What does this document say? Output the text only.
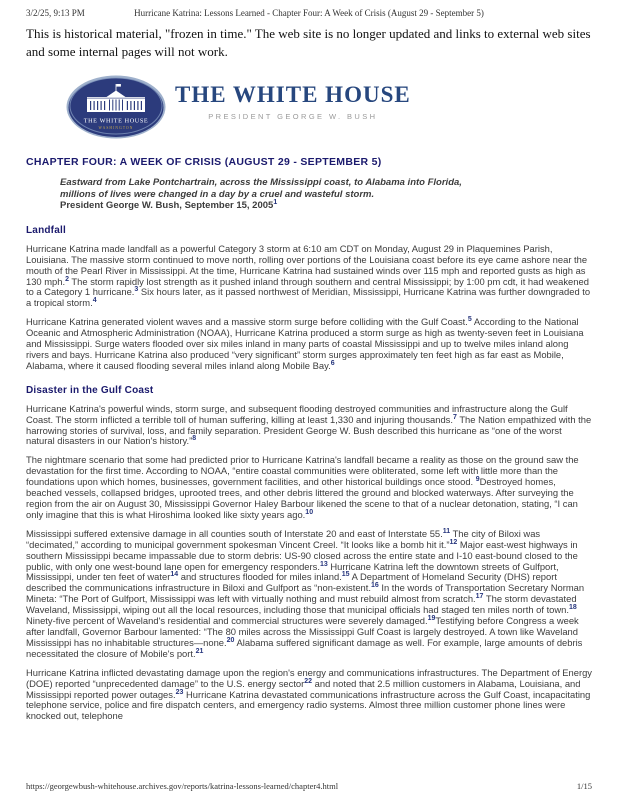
3/2/25, 9:13 PM	Hurricane Katrina: Lessons Learned - Chapter Four: A Week of Crisis (August 29 - September 5)
This is historical material, "frozen in time." The web site is no longer updated and links to external web sites and some internal pages will not work.
THE WHITE HOUSE
WASHINGTON
THE WHITE HOUSE
PRESIDENT GEORGE W. BUSH
CHAPTER FOUR: A WEEK OF CRISIS (AUGUST 29 - SEPTEMBER 5)
Eastward from Lake Pontchartrain, across the Mississippi coast, to Alabama into Florida,
millions of lives were changed in a day by a cruel and wasteful storm.
President George W. Bush, September 15, 2005$^1$
Landfall

Hurricane Katrina made landfall as a powerful Category 3 storm at 6:10 am CDT on Monday, August 29 in Plaquemines Parish, Louisiana. The massive storm continued to move north, rolling over portions of the Louisiana coast before its eye came ashore near the mouth of the Pearl River in Mississippi. At the time, Hurricane Katrina had sustained winds over 115 mph and reported gusts as high as 130 mph.$^2$ The storm rapidly lost strength as it pushed inland through southern and central Mississippi; by 1:00 pm cdt, it had weakened to a Category 1 hurricane.$^3$ Six hours later, as it passed northwest of Meridian, Mississippi, Hurricane Katrina was further downgraded to a tropical storm.$^4$

Hurricane Katrina generated violent waves and a massive storm surge before colliding with the Gulf Coast.$^5$ According to the National Oceanic and Atmospheric Administration (NOAA), Hurricane Katrina produced a storm surge as high as twenty-seven feet in Louisiana and Mississippi. Surge waters flooded over six miles inland in many parts of coastal Mississippi and up to twelve miles inland along rivers and bays. Hurricane Katrina also produced “very significant” storm surges approximately ten feet high as far east as Mobile, Alabama, where it caused flooding several miles inland along Mobile Bay.$^6$

Disaster in the Gulf Coast

Hurricane Katrina's powerful winds, storm surge, and subsequent flooding destroyed communities and infrastructure along the Gulf Coast. The storm inflicted a terrible toll of human suffering, killing at least 1,330 and injuring thousands.$^7$ The Nation empathized with the harrowing stories of survival, loss, and family separation. President George W. Bush described this hurricane as “one of the worst natural disasters in our Nation's history.”$^8$

The nightmare scenario that some had predicted prior to Hurricane Katrina's landfall became a reality as those on the ground saw the devastation for the first time. According to NOAA, “entire coastal communities were obliterated, some left with little more than the foundations upon which homes, businesses, government facilities, and other historical buildings once stood. $^9$Destroyed homes, beached vessels, collapsed bridges, uprooted trees, and other debris littered the ground and blocked waterways. After surveying the region from the air on August 30, Mississippi Governor Haley Barbour likened the scene to that of a nuclear detonation, stating, “I can only imagine that this is what Hiroshima looked like sixty years ago.$^{10}$

Mississippi suffered extensive damage in all counties south of Interstate 20 and east of Interstate 55.11 The city of Biloxi was “decimated,” according to municipal government spokesman Vincent Creel. “It looks like a bomb hit it.”$^{12}$ Major east-west highways in southern Mississippi became impassable due to storm debris: US-90 closed across the entire state and I-10 east-bound closed to the public, with only one west-bound lane open for emergency responders.$^{13}$ Hurricane Katrina left the downtown streets of Gulfport, Mississippi, under ten feet of water$^{14}$ and structures flooded for miles inland.$^{15}$ A Department of Homeland Security (DHS) report described the communications infrastructure in Biloxi and Gulfport as “non-existent.$^{16}$ In the words of Transportation Secretary Norman Mineta: “The Port of Gulfport, Mississippi was left with virtually nothing and must rebuild almost from scratch.$^{17}$ The storm devastated Waveland, Mississippi, wiping out all the local resources, including those that municipal officials had staged ten miles north of town.$^{18}$ Ninety-five percent of Waveland's residential and commercial structures were severely damaged.$^{19}$Testifying before Congress a week after landfall, Governor Barbour lamented: “The 80 miles across the Mississippi Gulf Coast is largely destroyed. A town like Waveland Mississippi has no inhabitable structures—none.$^{20}$ Alabama suffered significant damage as well. For example, large amounts of debris necessitated the closure of Mobile's port.$^{21}$

Hurricane Katrina inflicted devastating damage upon the region's energy and communications infrastructures. The Department of Energy (DOE) reported “unprecedented damage” to the U.S. energy sector$^{22}$ and noted that 2.5 million customers in Alabama, Louisiana, and Mississippi reported power outages.$^{23}$ Hurricane Katrina devastated communications infrastructure across the Gulf Coast, incapacitating telephone service, police and fire dispatch centers, and emergency radio systems. Almost three million customer phone lines were knocked out, telephone

https://georgewbush-whitehouse.archives.gov/reports/katrina-lessons-learned/chapter4.html	1/15
